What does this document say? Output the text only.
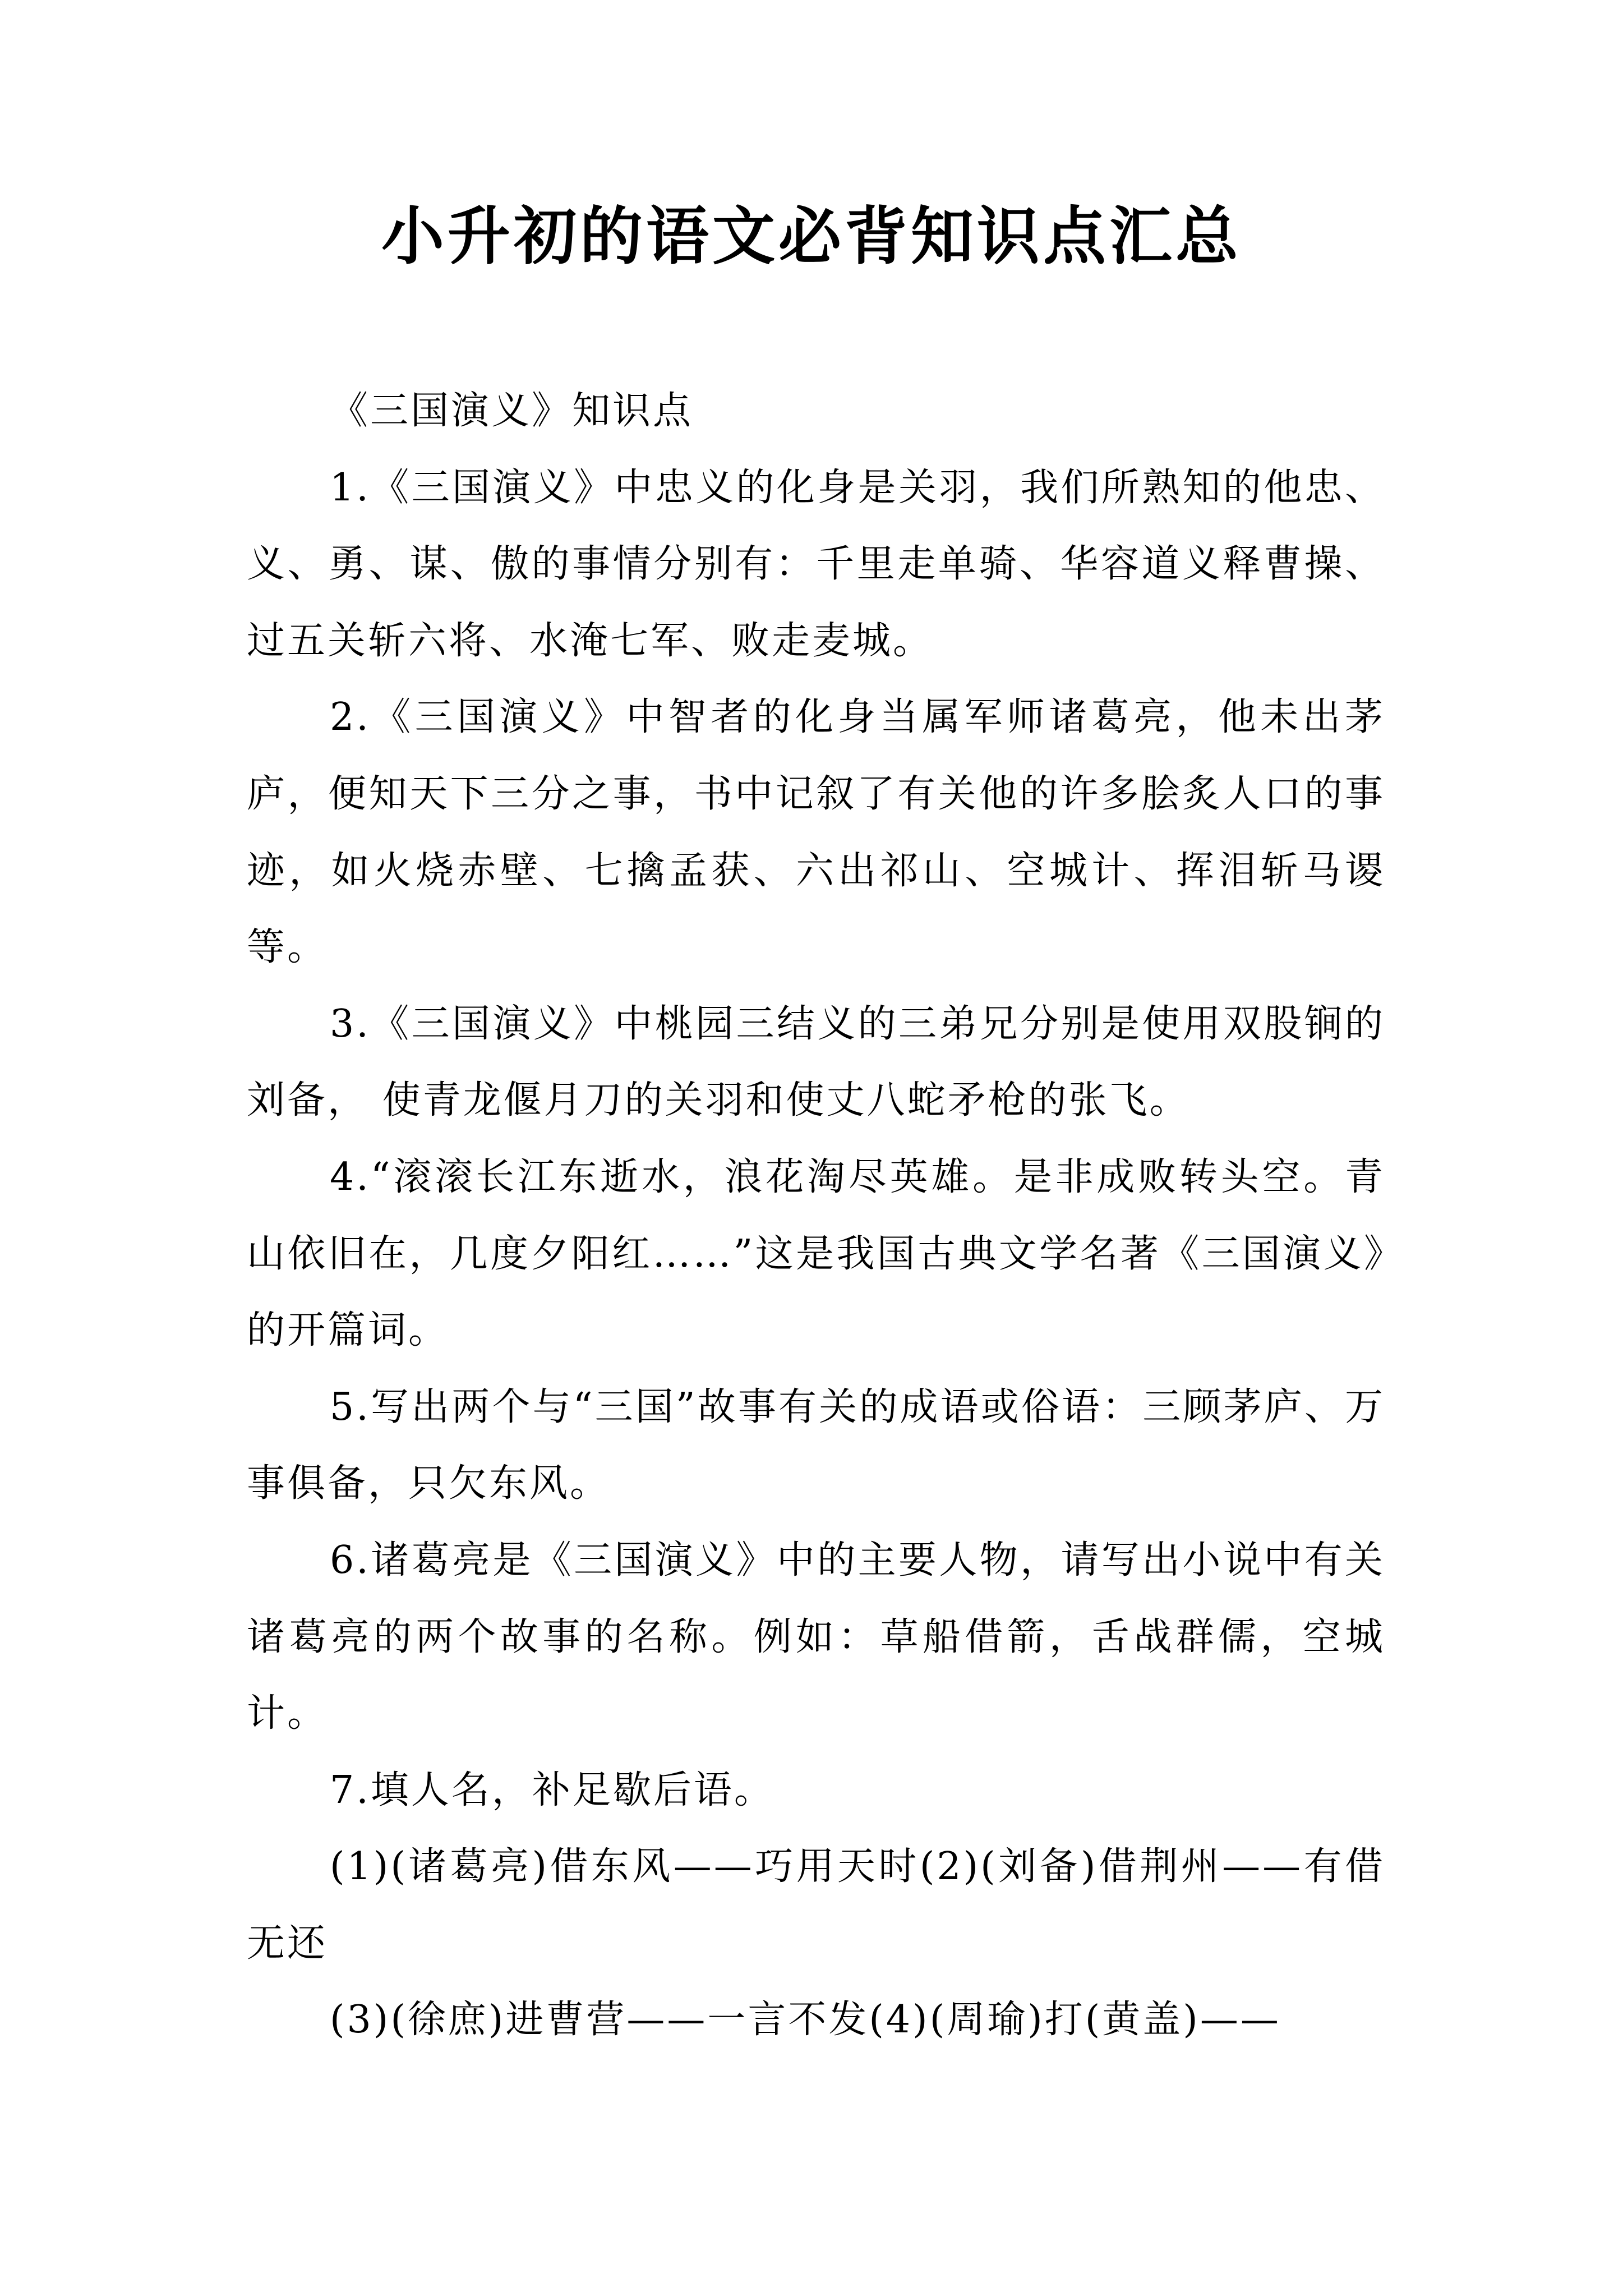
小升初的语文必背知识点汇总

《三国演义》知识点

1.《三国演义》中忠义的化身是关羽，我们所熟知的他忠、义、勇、谋、傲的事情分别有：千里走单骑、华容道义释曹操、过五关斩六将、水淹七军、败走麦城。

2.《三国演义》中智者的化身当属军师诸葛亮，他未出茅庐，便知天下三分之事，书中记叙了有关他的许多脍炙人口的事迹，如火烧赤壁、七擒孟获、六出祁山、空城计、挥泪斩马谡等。

3.《三国演义》中桃园三结义的三弟兄分别是使用双股锏的刘备， 使青龙偃月刀的关羽和使丈八蛇矛枪的张飞。

4.“滚滚长江东逝水，浪花淘尽英雄。是非成败转头空。青山依旧在，几度夕阳红……”这是我国古典文学名著《三国演义》的开篇词。

5.写出两个与“三国”故事有关的成语或俗语：三顾茅庐、万事俱备，只欠东风。

6.诸葛亮是《三国演义》中的主要人物，请写出小说中有关诸葛亮的两个故事的名称。例如：草船借箭，舌战群儒，空城计。

7.填人名，补足歇后语。

(1)(诸葛亮)借东风——巧用天时(2)(刘备)借荆州——有借无还

(3)(徐庶)进曹营——一言不发(4)(周瑜)打(黄盖)——
